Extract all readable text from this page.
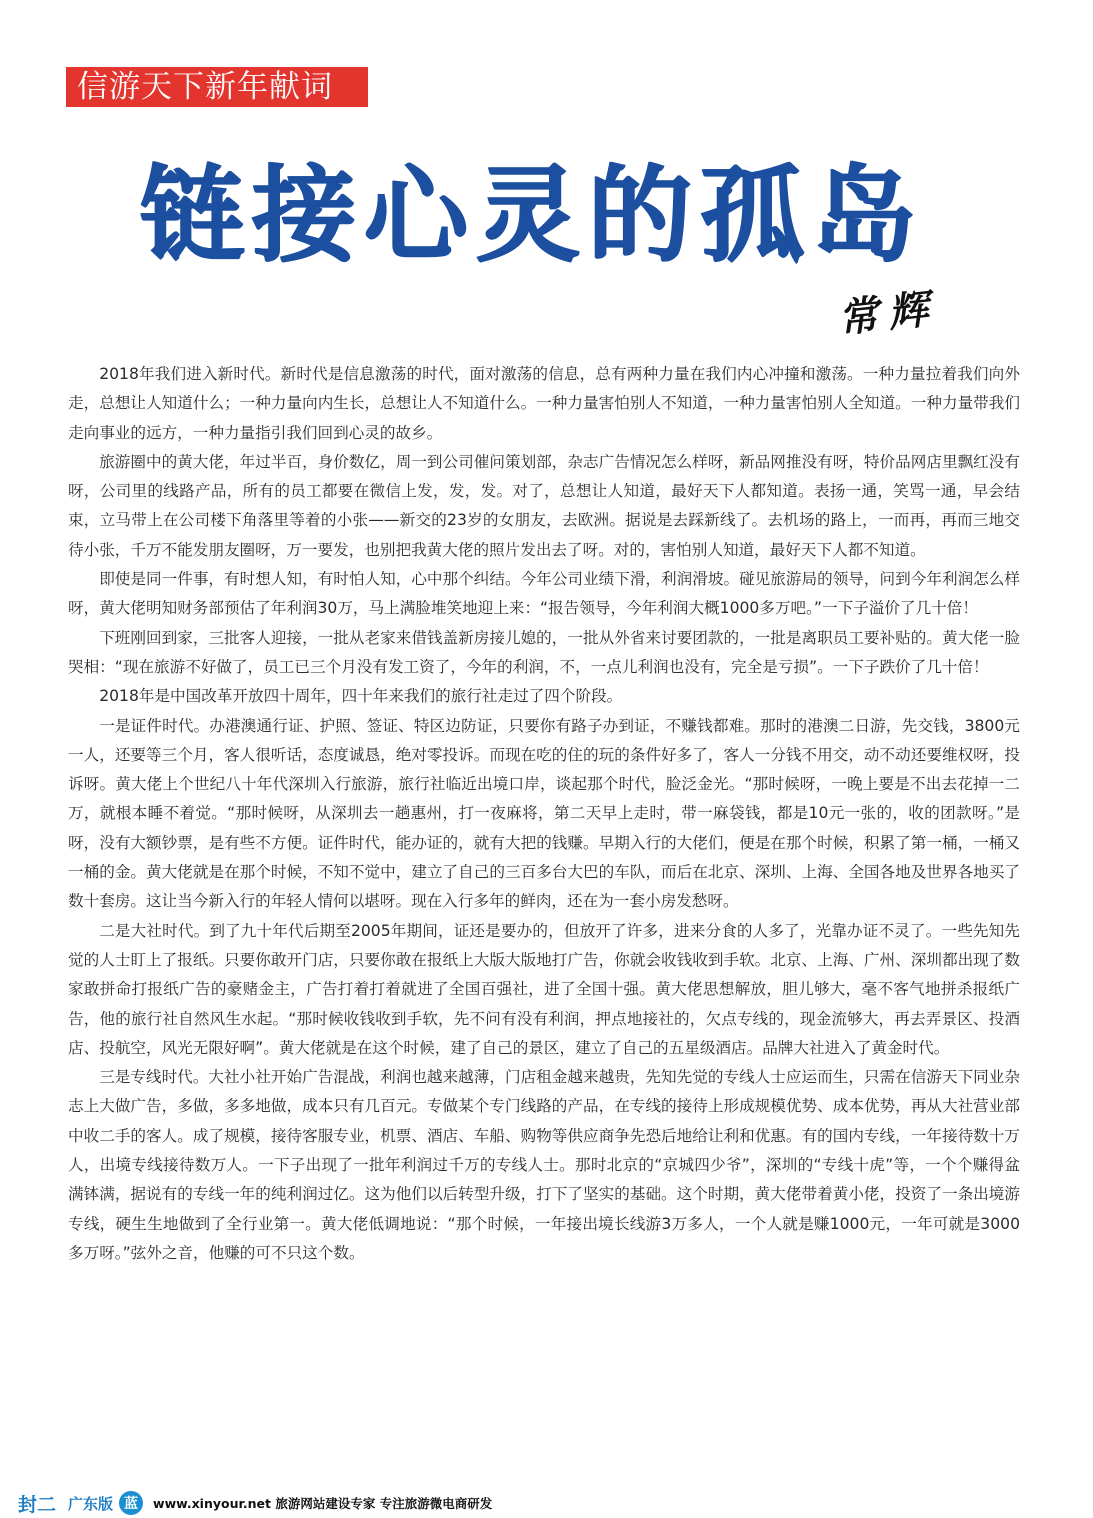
信游天下新年献词
链接心灵的孤岛
常辉

2018年我们进入新时代。新时代是信息激荡的时代，面对激荡的信息，总有两种力量在我们内心冲撞和激荡。一种力量拉着我们向外走，总想让人知道什么；一种力量向内生长，总想让人不知道什么。一种力量害怕别人不知道，一种力量害怕别人全知道。一种力量带我们走向事业的远方，一种力量指引我们回到心灵的故乡。

旅游圈中的黄大佬，年过半百，身价数亿，周一到公司催问策划部，杂志广告情况怎么样呀，新品网推没有呀，特价品网店里飘红没有呀，公司里的线路产品，所有的员工都要在微信上发，发，发。对了，总想让人知道，最好天下人都知道。表扬一通，笑骂一通，早会结束，立马带上在公司楼下角落里等着的小张——新交的23岁的女朋友，去欧洲。据说是去踩新线了。去机场的路上，一而再，再而三地交待小张，千万不能发朋友圈呀，万一要发，也别把我黄大佬的照片发出去了呀。对的，害怕别人知道，最好天下人都不知道。

即使是同一件事，有时想人知，有时怕人知，心中那个纠结。今年公司业绩下滑，利润滑坡。碰见旅游局的领导，问到今年利润怎么样呀，黄大佬明知财务部预估了年利润30万，马上满脸堆笑地迎上来：“报告领导，今年利润大概1000多万吧。”一下子溢价了几十倍！

下班刚回到家，三批客人迎接，一批从老家来借钱盖新房接儿媳的，一批从外省来讨要团款的，一批是离职员工要补贴的。黄大佬一脸哭相：“现在旅游不好做了，员工已三个月没有发工资了，今年的利润，不，一点儿利润也没有，完全是亏损”。一下子跌价了几十倍！

2018年是中国改革开放四十周年，四十年来我们的旅行社走过了四个阶段。

一是证件时代。办港澳通行证、护照、签证、特区边防证，只要你有路子办到证，不赚钱都难。那时的港澳二日游，先交钱，3800元一人，还要等三个月，客人很听话，态度诚恳，绝对零投诉。而现在吃的住的玩的条件好多了，客人一分钱不用交，动不动还要维权呀，投诉呀。黄大佬上个世纪八十年代深圳入行旅游，旅行社临近出境口岸，谈起那个时代，脸泛金光。“那时候呀，一晚上要是不出去花掉一二万，就根本睡不着觉。“那时候呀，从深圳去一趟惠州，打一夜麻将，第二天早上走时，带一麻袋钱，都是10元一张的，收的团款呀。”是呀，没有大额钞票，是有些不方便。证件时代，能办证的，就有大把的钱赚。早期入行的大佬们，便是在那个时候，积累了第一桶，一桶又一桶的金。黄大佬就是在那个时候，不知不觉中，建立了自己的三百多台大巴的车队，而后在北京、深圳、上海、全国各地及世界各地买了数十套房。这让当今新入行的年轻人情何以堪呀。现在入行多年的鲜肉，还在为一套小房发愁呀。

二是大社时代。到了九十年代后期至2005年期间，证还是要办的，但放开了许多，进来分食的人多了，光靠办证不灵了。一些先知先觉的人士盯上了报纸。只要你敢开门店，只要你敢在报纸上大版大版地打广告，你就会收钱收到手软。北京、上海、广州、深圳都出现了数家敢拼命打报纸广告的豪赌金主，广告打着打着就进了全国百强社，进了全国十强。黄大佬思想解放，胆儿够大，毫不客气地拼杀报纸广告，他的旅行社自然风生水起。“那时候收钱收到手软，先不问有没有利润，押点地接社的，欠点专线的，现金流够大，再去弄景区、投酒店、投航空，风光无限好啊”。黄大佬就是在这个时候，建了自己的景区，建立了自己的五星级酒店。品牌大社进入了黄金时代。

三是专线时代。大社小社开始广告混战，利润也越来越薄，门店租金越来越贵，先知先觉的专线人士应运而生，只需在信游天下同业杂志上大做广告，多做，多多地做，成本只有几百元。专做某个专门线路的产品，在专线的接待上形成规模优势、成本优势，再从大社营业部中收二手的客人。成了规模，接待客服专业，机票、酒店、车船、购物等供应商争先恐后地给让利和优惠。有的国内专线，一年接待数十万人，出境专线接待数万人。一下子出现了一批年利润过千万的专线人士。那时北京的“京城四少爷”，深圳的“专线十虎”等，一个个赚得盆满钵满，据说有的专线一年的纯利润过亿。这为他们以后转型升级，打下了坚实的基础。这个时期，黄大佬带着黄小佬，投资了一条出境游专线，硬生生地做到了全行业第一。黄大佬低调地说：“那个时候，一年接出境长线游3万多人，一个人就是赚1000元，一年可就是3000多万呀。”弦外之音，他赚的可不只这个数。

封二 广东版 蓝	www.xinyour.net 旅游网站建设专家 专注旅游微电商研发
